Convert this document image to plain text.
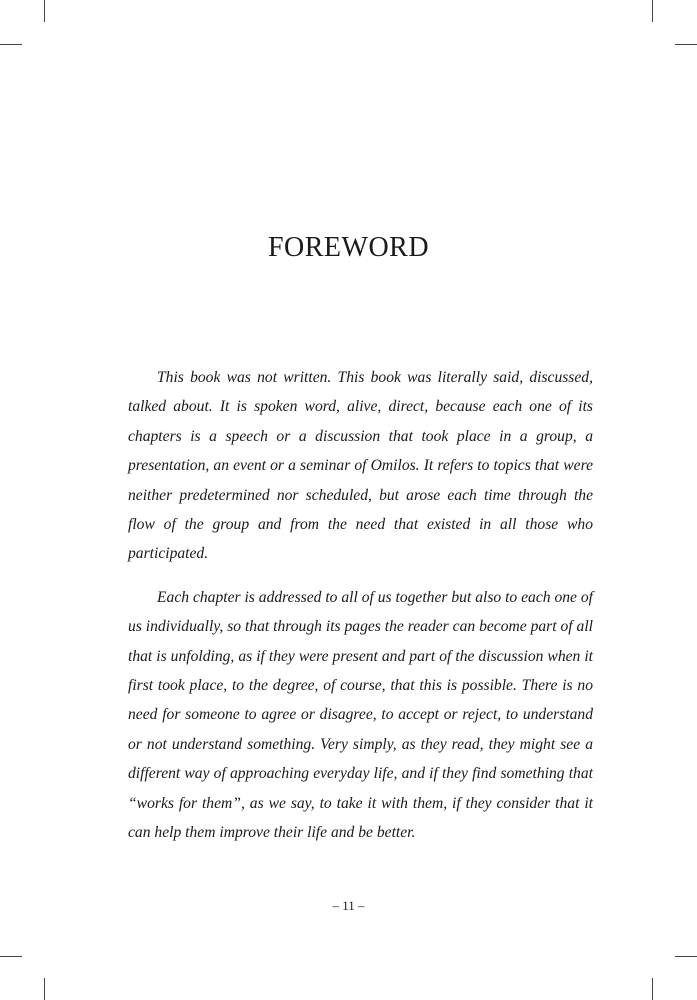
FOREWORD

This book was not written. This book was literally said, discussed, talked about. It is spoken word, alive, direct, because each one of its chapters is a speech or a discussion that took place in a group, a presentation, an event or a seminar of Omilos. It refers to topics that were neither predetermined nor scheduled, but arose each time through the flow of the group and from the need that existed in all those who participated.

Each chapter is addressed to all of us together but also to each one of us individually, so that through its pages the reader can become part of all that is unfolding, as if they were present and part of the discussion when it first took place, to the degree, of course, that this is possible. There is no need for someone to agree or disagree, to accept or reject, to understand or not understand something. Very simply, as they read, they might see a different way of approaching everyday life, and if they find something that “works for them”, as we say, to take it with them, if they consider that it can help them improve their life and be better.

– 11 –
